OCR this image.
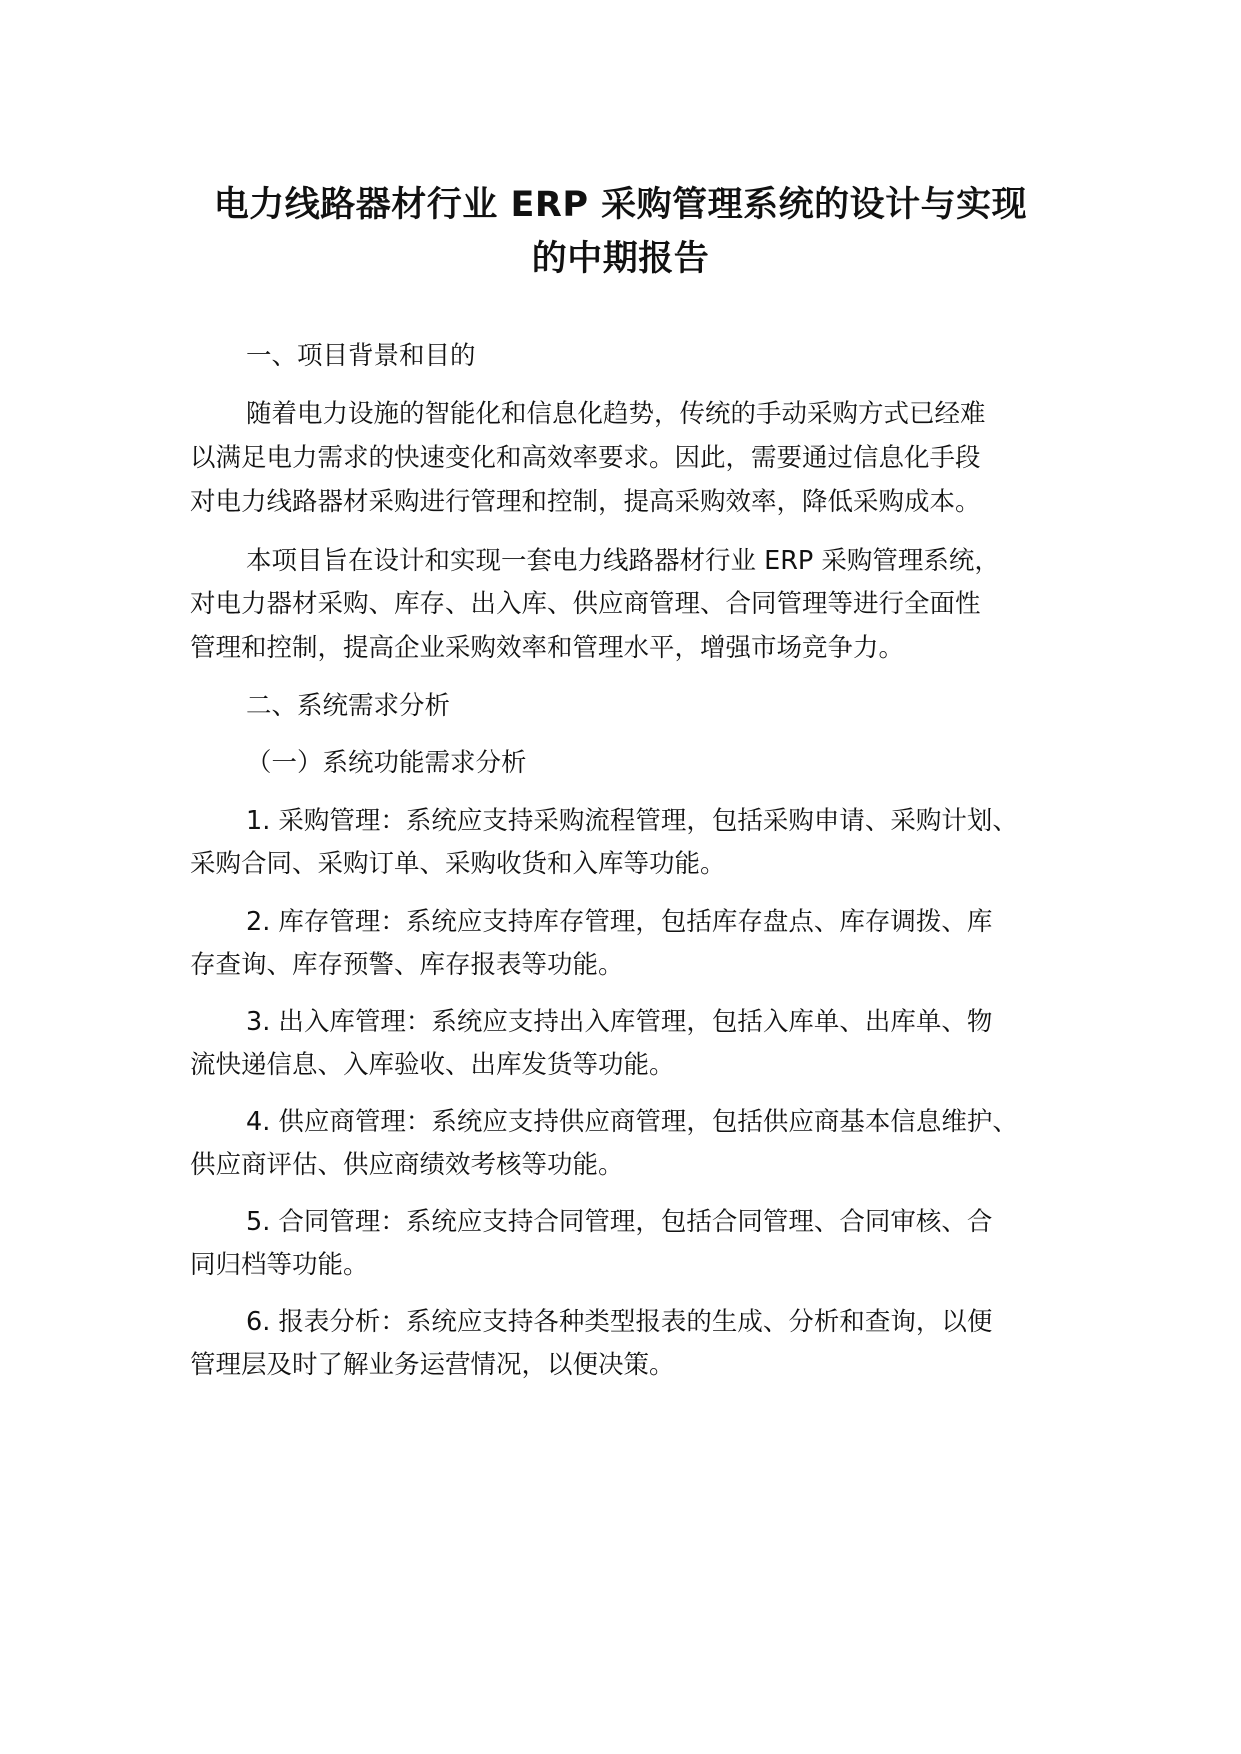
电力线路器材行业 ERP 采购管理系统的设计与实现
的中期报告
一、项目背景和目的
随着电力设施的智能化和信息化趋势，传统的手动采购方式已经难
以满足电力需求的快速变化和高效率要求。因此，需要通过信息化手段
对电力线路器材采购进行管理和控制，提高采购效率，降低采购成本。
本项目旨在设计和实现一套电力线路器材行业 ERP 采购管理系统，
对电力器材采购、库存、出入库、供应商管理、合同管理等进行全面性
管理和控制，提高企业采购效率和管理水平，增强市场竞争力。
二、系统需求分析
（一）系统功能需求分析
1. 采购管理：系统应支持采购流程管理，包括采购申请、采购计划、
采购合同、采购订单、采购收货和入库等功能。
2. 库存管理：系统应支持库存管理，包括库存盘点、库存调拨、库
存查询、库存预警、库存报表等功能。
3. 出入库管理：系统应支持出入库管理，包括入库单、出库单、物
流快递信息、入库验收、出库发货等功能。
4. 供应商管理：系统应支持供应商管理，包括供应商基本信息维护、
供应商评估、供应商绩效考核等功能。
5. 合同管理：系统应支持合同管理，包括合同管理、合同审核、合
同归档等功能。
6. 报表分析：系统应支持各种类型报表的生成、分析和查询，以便
管理层及时了解业务运营情况，以便决策。
